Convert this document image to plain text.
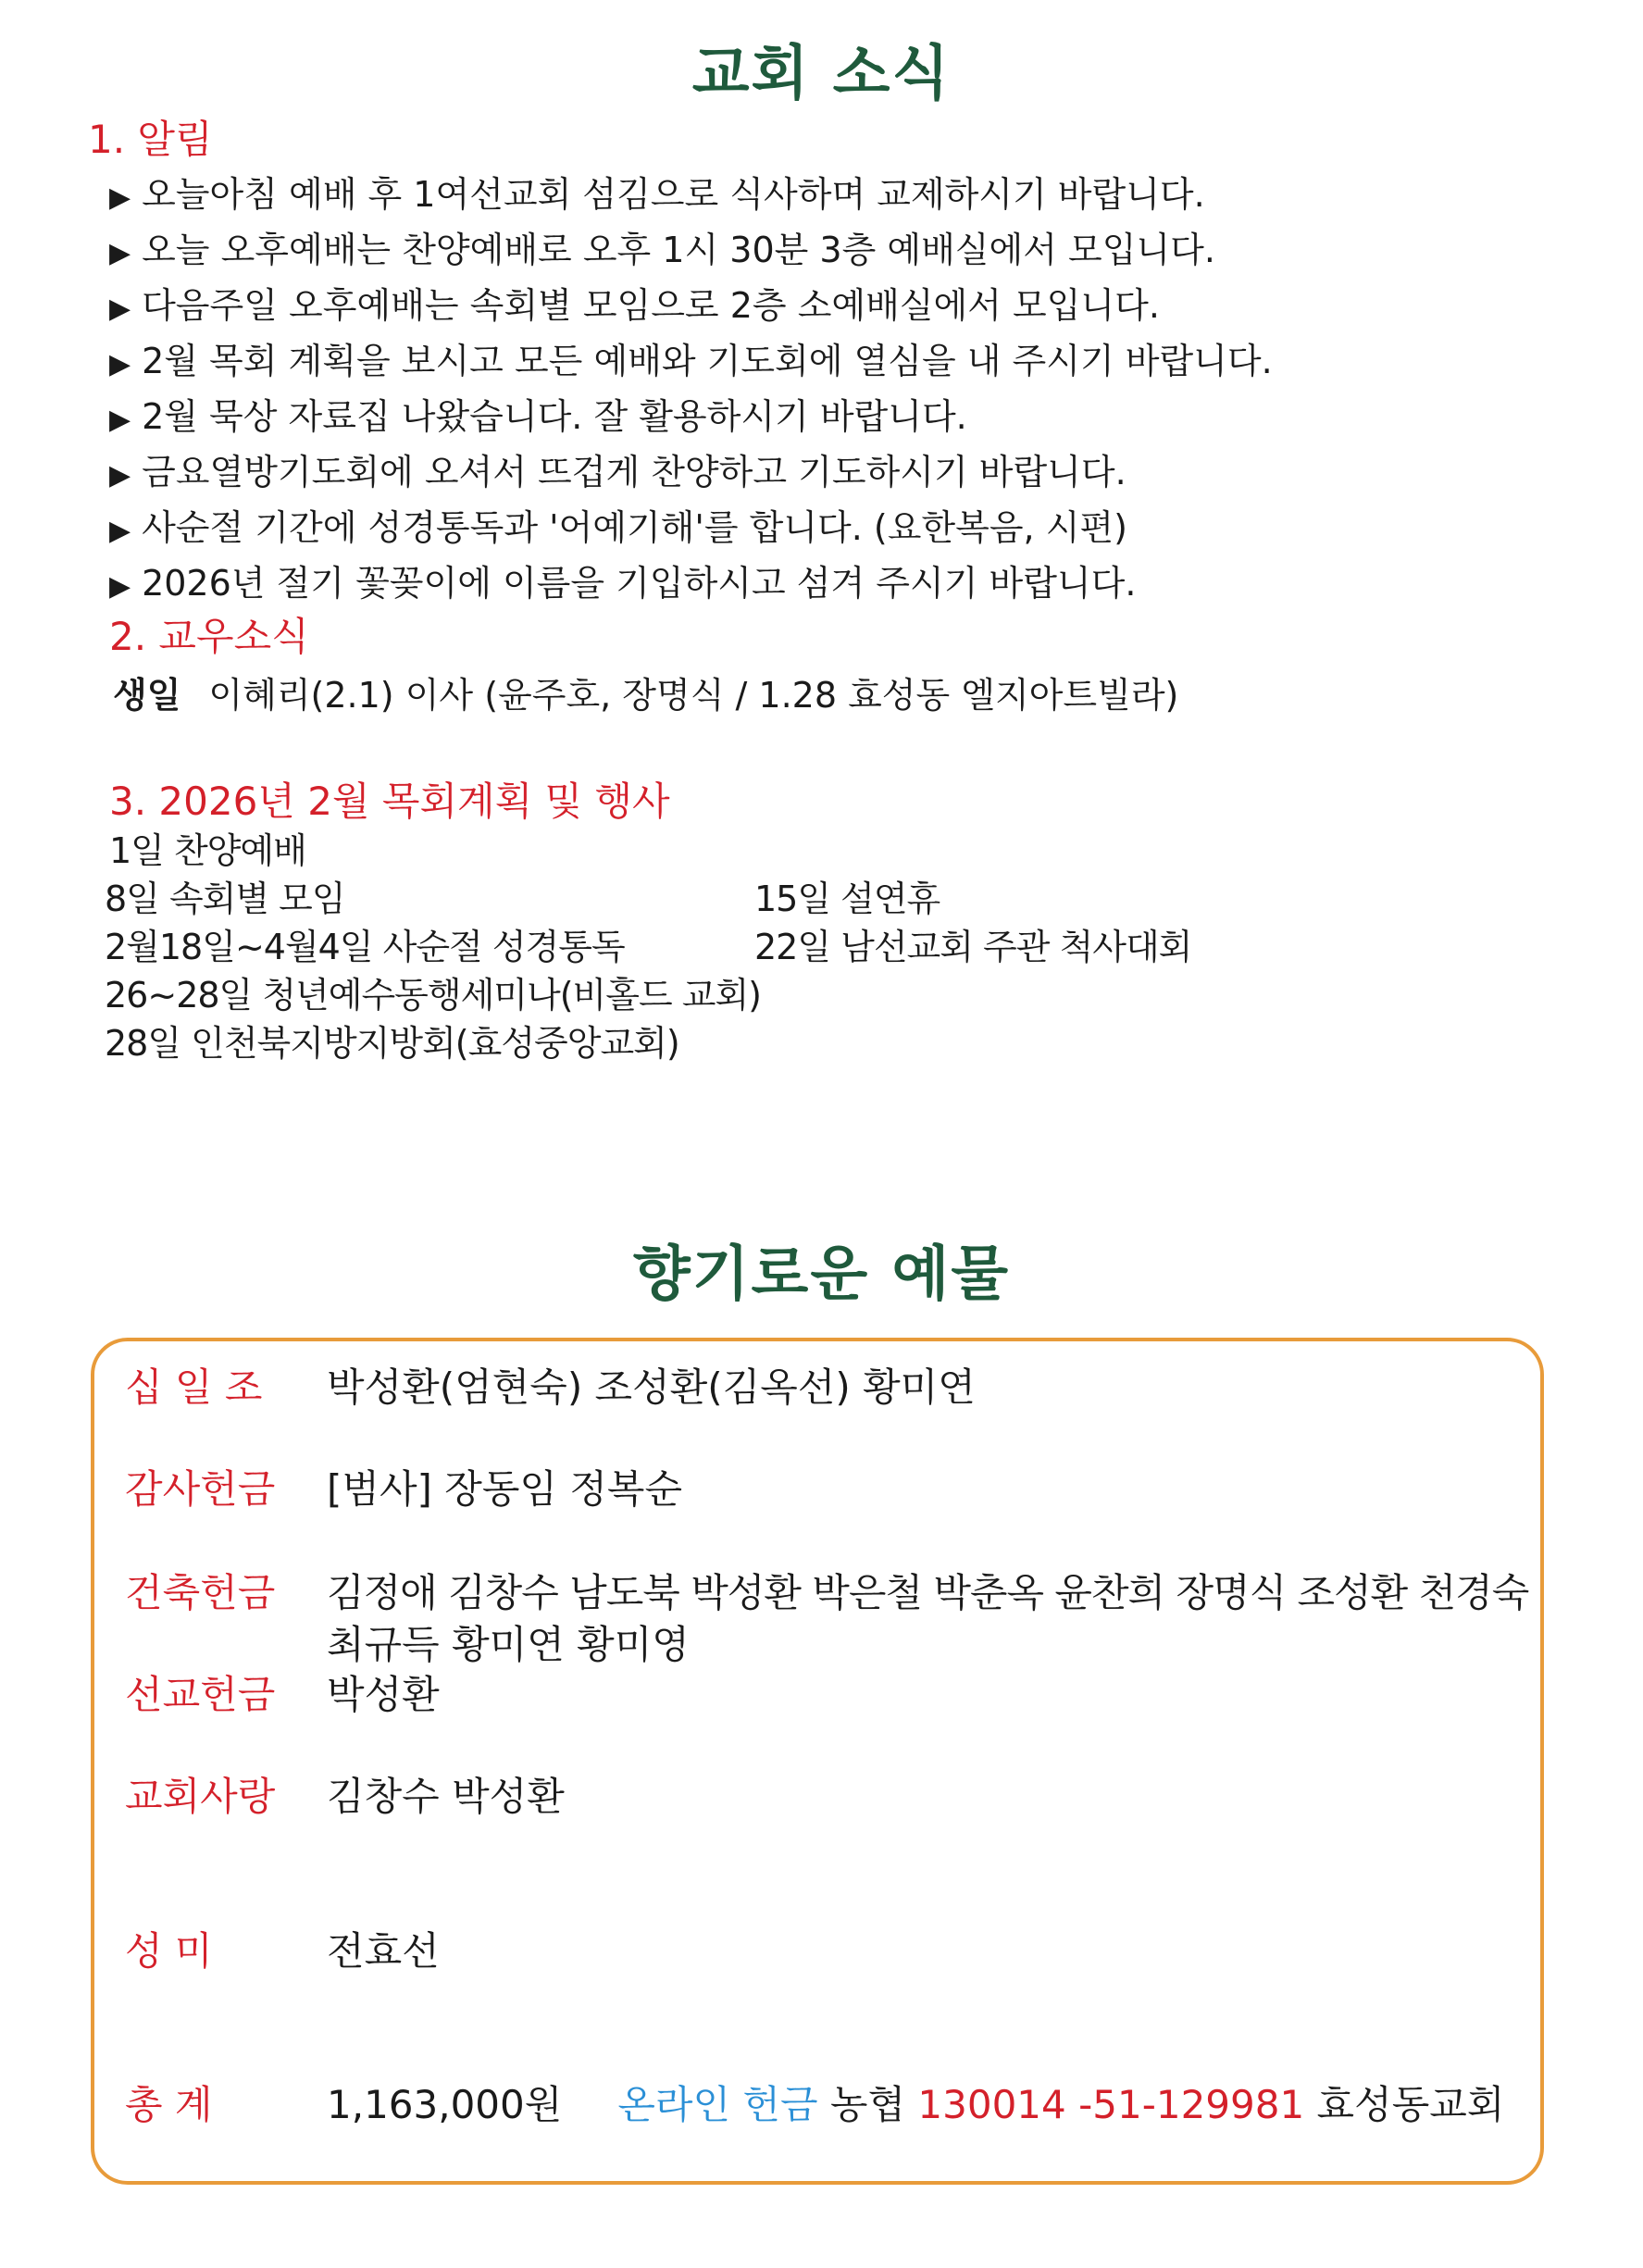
교회 소식
1. 알림
▶ 오늘아침 예배 후 1여선교회 섬김으로 식사하며 교제하시기 바랍니다.
▶ 오늘 오후예배는 찬양예배로 오후 1시 30분 3층 예배실에서 모입니다.
▶ 다음주일 오후예배는 속회별 모임으로 2층 소예배실에서 모입니다.
▶ 2월 목회 계획을 보시고 모든 예배와 기도회에 열심을 내 주시기 바랍니다.
▶ 2월 묵상 자료집 나왔습니다. 잘 활용하시기 바랍니다.
▶ 금요열방기도회에 오셔서 뜨겁게 찬양하고 기도하시기 바랍니다.
▶ 사순절 기간에 성경통독과 '어예기해'를 합니다. (요한복음, 시편)
▶ 2026년 절기 꽃꽂이에 이름을 기입하시고 섬겨 주시기 바랍니다.
2. 교우소식
생일 이혜리(2.1) 이사 (윤주호, 장명식 / 1.28 효성동 엘지아트빌라)
3. 2026년 2월 목회계획 및 행사
1일 찬양예배
8일 속회별 모임	15일 설연휴
2월18일~4월4일 사순절 성경통독	22일 남선교회 주관 척사대회
26~28일 청년예수동행세미나(비홀드 교회)
28일 인천북지방지방회(효성중앙교회)
향기로운 예물
십 일 조 박성환(엄현숙) 조성환(김옥선) 황미연
감사헌금 [범사] 장동임 정복순
건축헌금 김정애 김창수 남도북 박성환 박은철 박춘옥 윤찬희 장명식 조성환 천경숙
최규득 황미연 황미영
선교헌금 박성환
교회사랑 김창수 박성환
성 미	전효선
총 계	1,163,000원 온라인 헌금 농협 130014 -51-129981 효성동교회
